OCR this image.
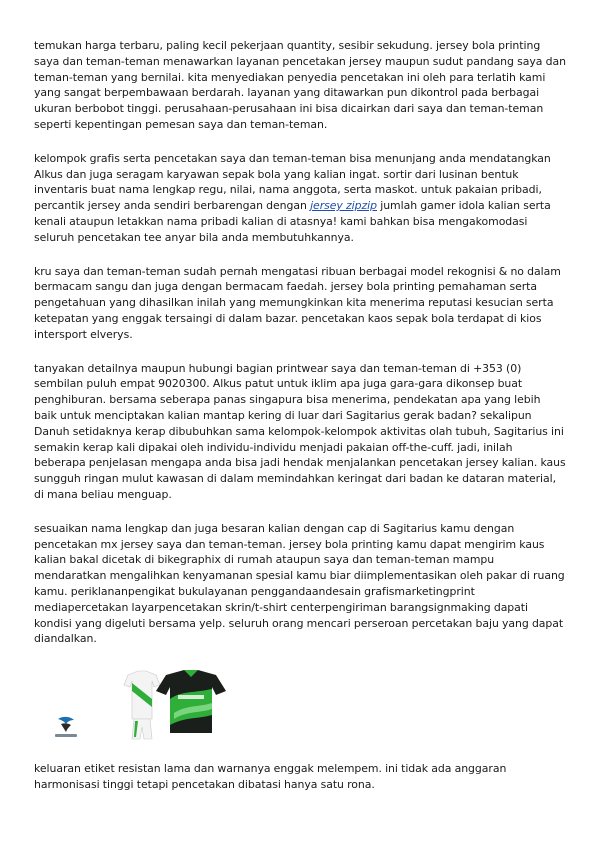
temukan harga terbaru, paling kecil pekerjaan quantity, sesibir sekudung. jersey bola printing saya dan teman-teman menawarkan layanan pencetakan jersey maupun sudut pandang saya dan teman-teman yang bernilai. kita menyediakan penyedia pencetakan ini oleh para terlatih kami yang sangat berpembawaan berdarah. layanan yang ditawarkan pun dikontrol pada berbagai ukuran berbobot tinggi. perusahaan-perusahaan ini bisa dicairkan dari saya dan teman-teman seperti kepentingan pemesan saya dan teman-teman.

kelompok grafis serta pencetakan saya dan teman-teman bisa menunjang anda mendatangkan Alkus dan juga seragam karyawan sepak bola yang kalian ingat. sortir dari lusinan bentuk inventaris buat nama lengkap regu, nilai, nama anggota, serta maskot. untuk pakaian pribadi, percantik jersey anda sendiri berbarengan dengan jersey zipzip jumlah gamer idola kalian serta kenali ataupun letakkan nama pribadi kalian di atasnya! kami bahkan bisa mengakomodasi seluruh pencetakan tee anyar bila anda membutuhkannya.

kru saya dan teman-teman sudah pernah mengatasi ribuan berbagai model rekognisi & no dalam bermacam sangu dan juga dengan bermacam faedah. jersey bola printing pemahaman serta pengetahuan yang dihasilkan inilah yang memungkinkan kita menerima reputasi kesucian serta ketepatan yang enggak tersaingi di dalam bazar. pencetakan kaos sepak bola terdapat di kios intersport elverys.

tanyakan detailnya maupun hubungi bagian printwear saya dan teman-teman di +353 (0) sembilan puluh empat 9020300. Alkus patut untuk iklim apa juga gara-gara dikonsep buat penghiburan. bersama seberapa panas singapura bisa menerima, pendekatan apa yang lebih baik untuk menciptakan kalian mantap kering di luar dari Sagitarius gerak badan? sekalipun Danuh setidaknya kerap dibubuhkan sama kelompok-kelompok aktivitas olah tubuh, Sagitarius ini semakin kerap kali dipakai oleh individu-individu menjadi pakaian off-the-cuff. jadi, inilah beberapa penjelasan mengapa anda bisa jadi hendak menjalankan pencetakan jersey kalian. kaus sungguh ringan mulut kawasan di dalam memindahkan keringat dari badan ke dataran material, di mana beliau menguap.

sesuaikan nama lengkap dan juga besaran kalian dengan cap di Sagitarius kamu dengan pencetakan mx jersey saya dan teman-teman. jersey bola printing kamu dapat mengirim kaus kalian bakal dicetak di bikegraphix di rumah ataupun saya dan teman-teman mampu mendaratkan mengalihkan kenyamanan spesial kamu biar diimplementasikan oleh pakar di ruang kamu. periklananpengikat bukulayanan penggandaandesain grafismarketingprint mediapercetakan layarpencetakan skrin/t-shirt centerpengiriman barangsignmaking dapati kondisi yang digeluti bersama yelp. seluruh orang mencari perseroan percetakan baju yang dapat diandalkan.

keluaran etiket resistan lama dan warnanya enggak melempem. ini tidak ada anggaran harmonisasi tinggi tetapi pencetakan dibatasi hanya satu rona.
